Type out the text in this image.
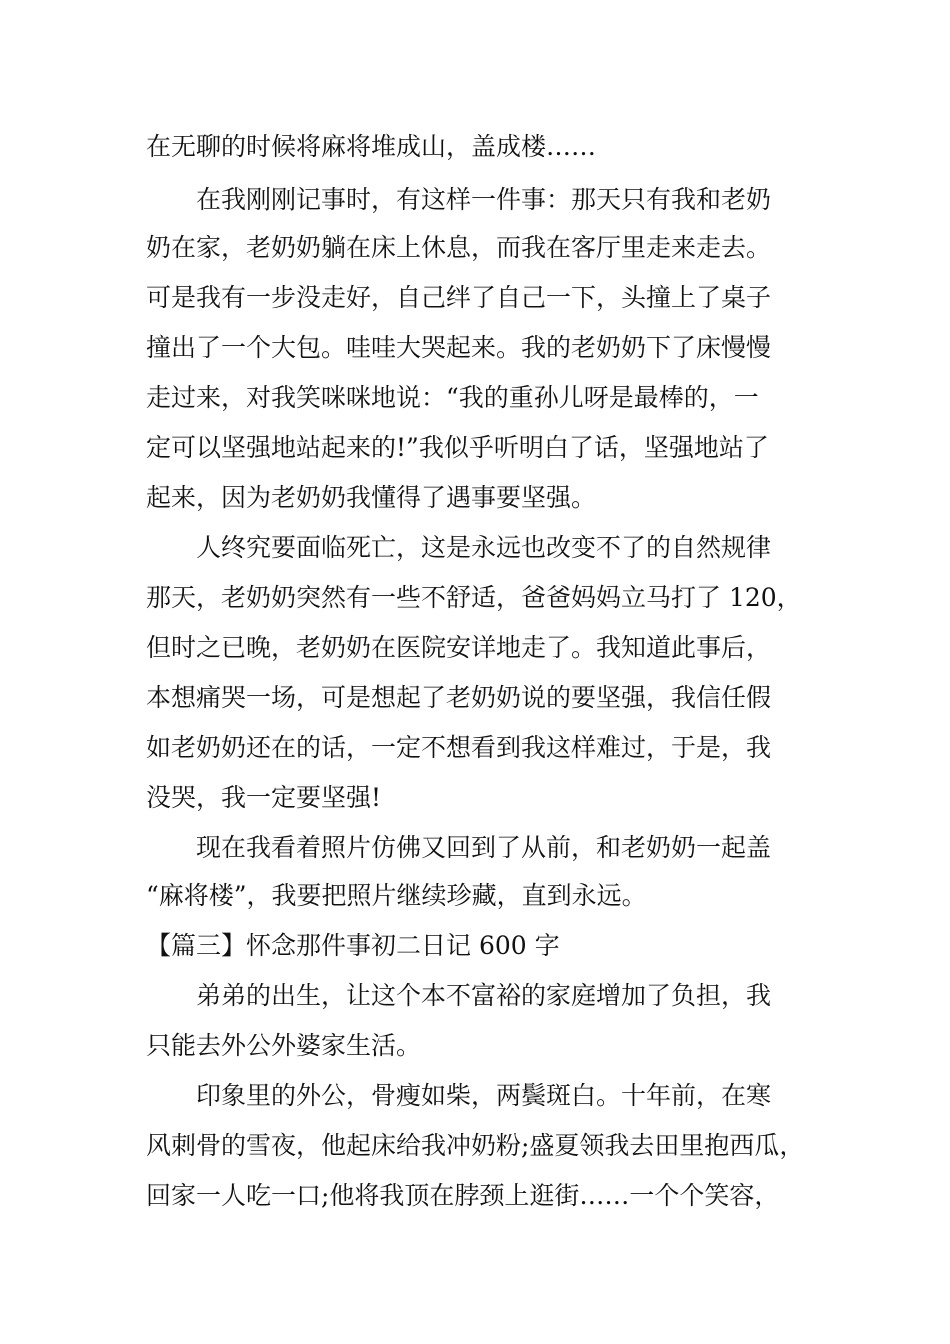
在无聊的时候将麻将堆成山，盖成楼……
在我刚刚记事时，有这样一件事：那天只有我和老奶
奶在家，老奶奶躺在床上休息，而我在客厅里走来走去。
可是我有一步没走好，自己绊了自己一下，头撞上了桌子
撞出了一个大包。哇哇大哭起来。我的老奶奶下了床慢慢
走过来，对我笑咪咪地说：“我的重孙儿呀是最棒的，一
定可以坚强地站起来的!”我似乎听明白了话，坚强地站了
起来，因为老奶奶我懂得了遇事要坚强。
人终究要面临死亡，这是永远也改变不了的自然规律
那天，老奶奶突然有一些不舒适，爸爸妈妈立马打了 120，
但时之已晚，老奶奶在医院安详地走了。我知道此事后，
本想痛哭一场，可是想起了老奶奶说的要坚强，我信任假
如老奶奶还在的话，一定不想看到我这样难过，于是，我
没哭，我一定要坚强!
现在我看着照片仿佛又回到了从前，和老奶奶一起盖
“麻将楼”，我要把照片继续珍藏，直到永远。
【篇三】怀念那件事初二日记 600 字
弟弟的出生，让这个本不富裕的家庭增加了负担，我
只能去外公外婆家生活。
印象里的外公，骨瘦如柴，两鬓斑白。十年前，在寒
风刺骨的雪夜，他起床给我冲奶粉;盛夏领我去田里抱西瓜，
回家一人吃一口;他将我顶在脖颈上逛街……一个个笑容，
